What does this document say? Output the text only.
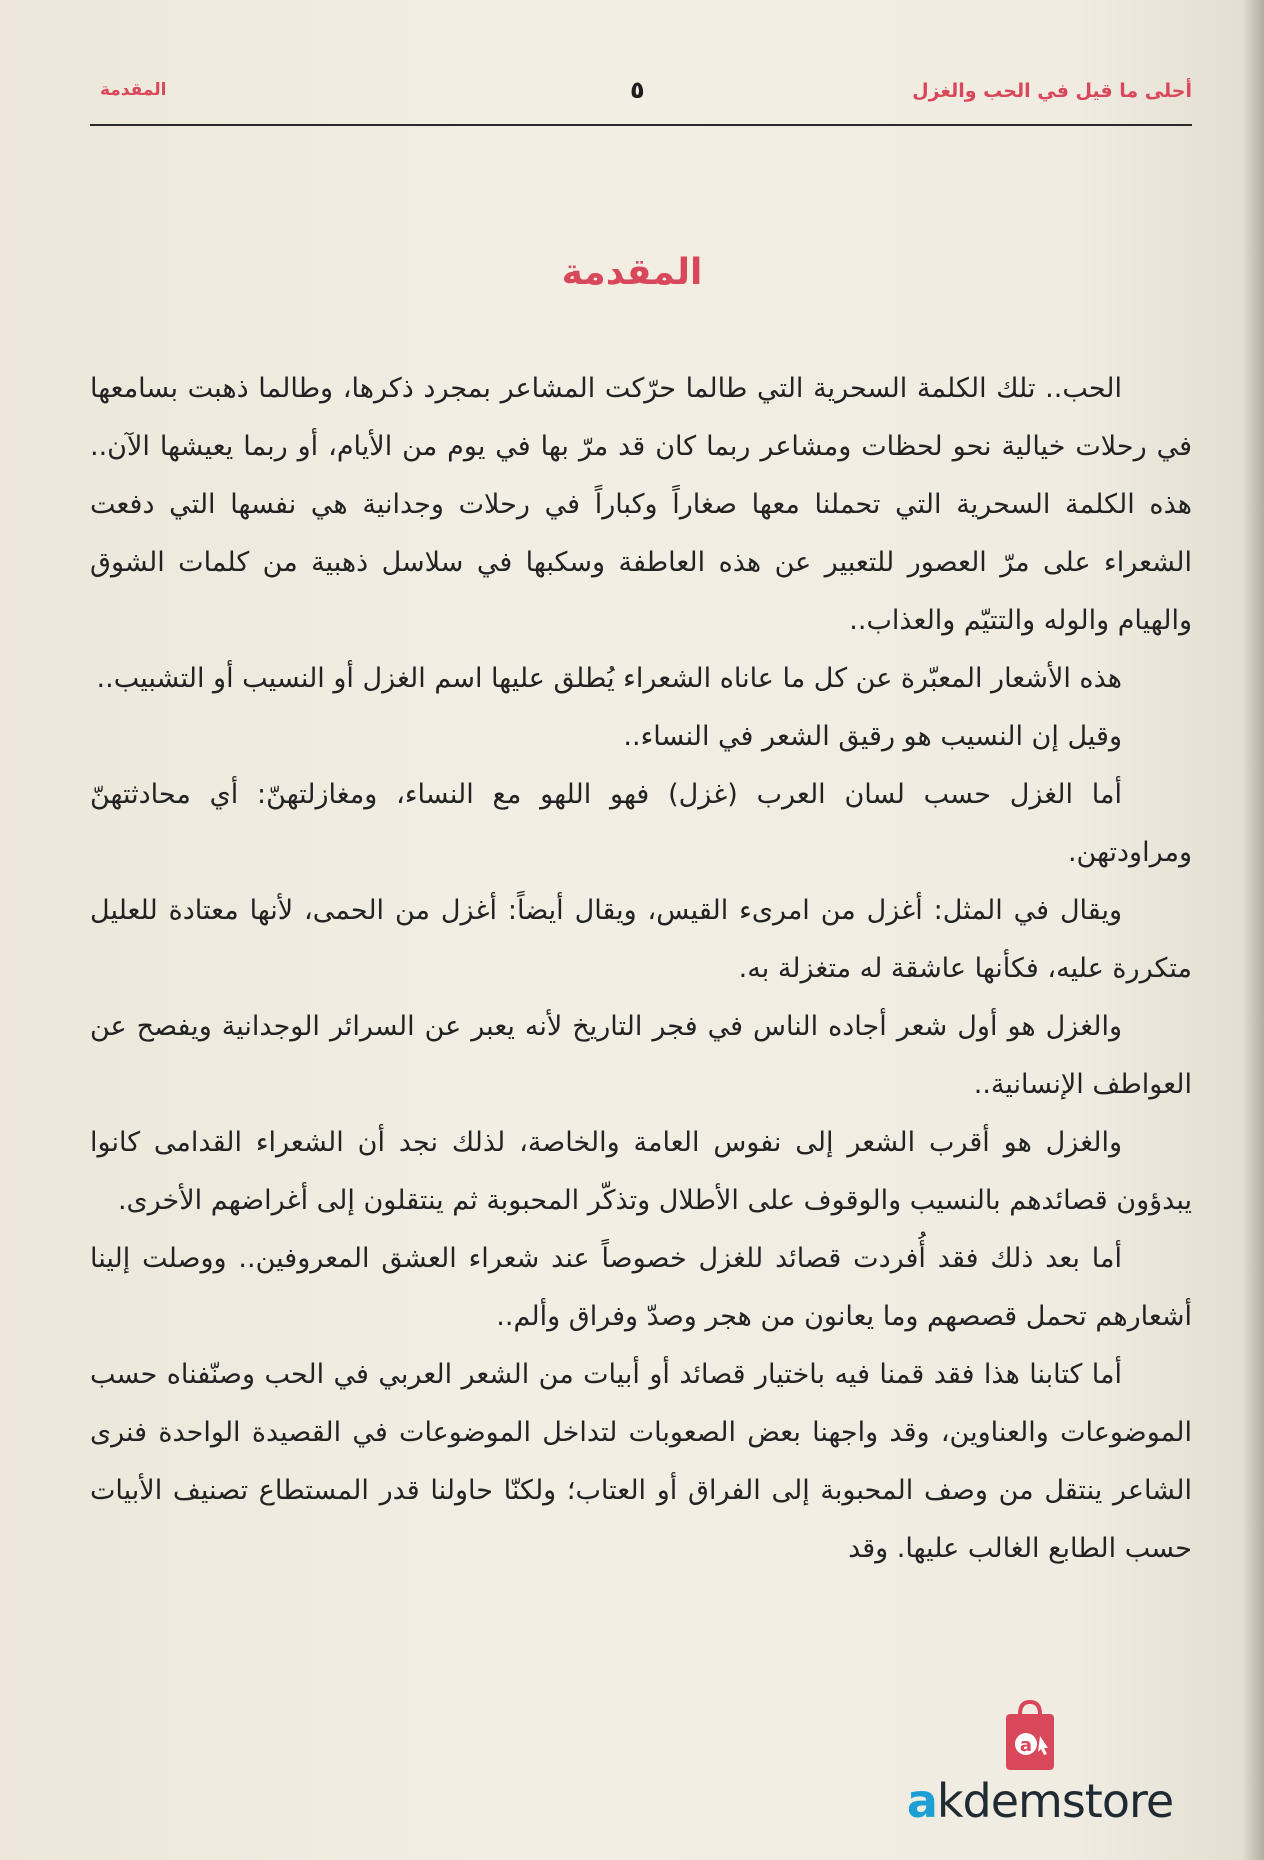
أحلى ما قيل في الحب والغزل
٥
المقدمة
المقدمة

الحب.. تلك الكلمة السحرية التي طالما حرّكت المشاعر بمجرد ذكرها، وطالما ذهبت بسامعها في رحلات خيالية نحو لحظات ومشاعر ربما كان قد مرّ بها في يوم من الأيام، أو ربما يعيشها الآن.. هذه الكلمة السحرية التي تحملنا معها صغاراً وكباراً في رحلات وجدانية هي نفسها التي دفعت الشعراء على مرّ العصور للتعبير عن هذه العاطفة وسكبها في سلاسل ذهبية من كلمات الشوق والهيام والوله والتتيّم والعذاب..

هذه الأشعار المعبّرة عن كل ما عاناه الشعراء يُطلق عليها اسم الغزل أو النسيب أو التشبيب..

وقيل إن النسيب هو رقيق الشعر في النساء..

أما الغزل حسب لسان العرب (غزل) فهو اللهو مع النساء، ومغازلتهنّ: أي محادثتهنّ ومراودتهن.

ويقال في المثل: أغزل من امرىء القيس، ويقال أيضاً: أغزل من الحمى، لأنها معتادة للعليل متكررة عليه، فكأنها عاشقة له متغزلة به.

والغزل هو أول شعر أجاده الناس في فجر التاريخ لأنه يعبر عن السرائر الوجدانية ويفصح عن العواطف الإنسانية..

والغزل هو أقرب الشعر إلى نفوس العامة والخاصة، لذلك نجد أن الشعراء القدامى كانوا يبدؤون قصائدهم بالنسيب والوقوف على الأطلال وتذكّر المحبوبة ثم ينتقلون إلى أغراضهم الأخرى.

أما بعد ذلك فقد أُفردت قصائد للغزل خصوصاً عند شعراء العشق المعروفين.. ووصلت إلينا أشعارهم تحمل قصصهم وما يعانون من هجر وصدّ وفراق وألم..

أما كتابنا هذا فقد قمنا فيه باختيار قصائد أو أبيات من الشعر العربي في الحب وصنّفناه حسب الموضوعات والعناوين، وقد واجهنا بعض الصعوبات لتداخل الموضوعات في القصيدة الواحدة فنرى الشاعر ينتقل من وصف المحبوبة إلى الفراق أو العتاب؛ ولكنّا حاولنا قدر المستطاع تصنيف الأبيات حسب الطابع الغالب عليها. وقد

a
akdemstore
